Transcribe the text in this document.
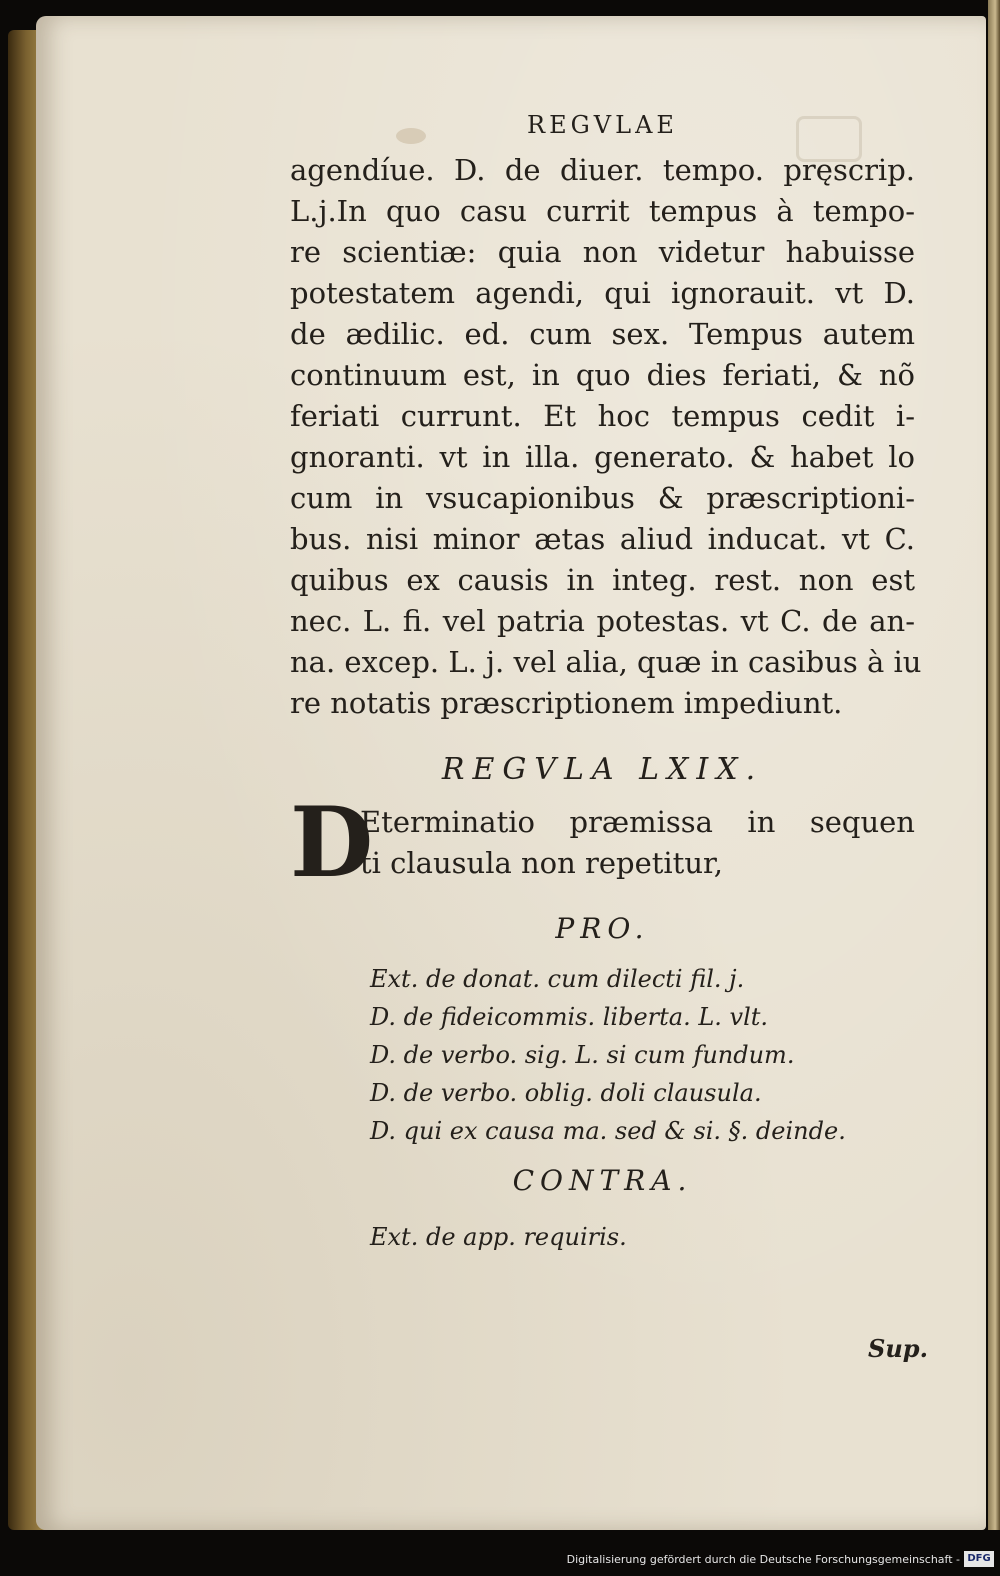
REGVLAE
agendíue. D. de diuer. tempo. pręscrip.
L.j.In quo casu currit tempus à tempo-
re scientiæ: quia non videtur habuisse
potestatem agendi, qui ignorauit. vt D.
de ædilic. ed. cum sex. Tempus autem
continuum est, in quo dies feriati, & nõ
feriati currunt. Et hoc tempus cedit i-
gnoranti. vt in illa. generato. & habet lo
cum in vsucapionibus & præscriptioni-
bus. nisi minor ætas aliud inducat. vt C.
quibus ex causis in integ. rest. non est
nec. L. fi. vel patria potestas. vt C. de an-
na. excep. L. j. vel alia, quæ in casibus à iu
re notatis præscriptionem impediunt.
REGVLA LXIX.
D
Eterminatio præmissa in sequen
ti clausula non repetitur,
PRO.
Ext. de donat. cum dilecti fil. j.
D. de fideicommis. liberta. L. vlt.
D. de verbo. sig. L. si cum fundum.
D. de verbo. oblig. doli clausula.
D. qui ex causa ma. sed & si. §. deinde.
CONTRA.
Ext. de app. requiris.
Sup.
Digitalisierung gefördert durch die Deutsche Forschungsgemeinschaft - DFG
